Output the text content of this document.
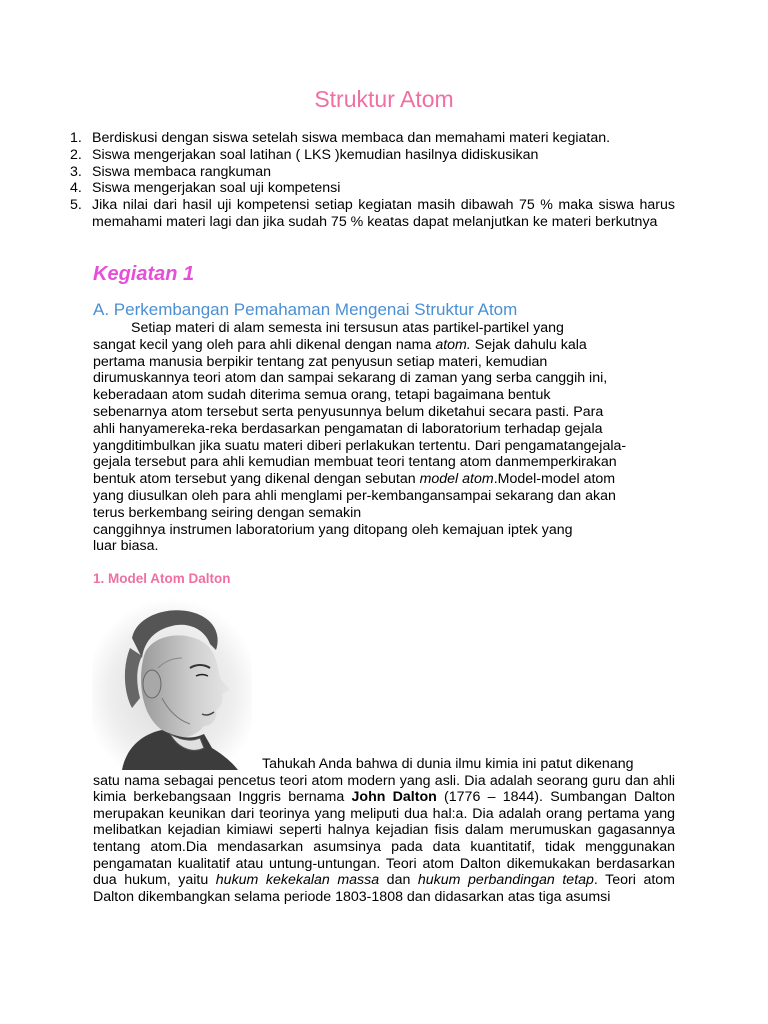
Struktur Atom
1. Berdiskusi dengan siswa setelah siswa membaca dan memahami materi kegiatan.
2. Siswa mengerjakan soal latihan ( LKS )kemudian hasilnya didiskusikan
3. Siswa membaca rangkuman
4. Siswa mengerjakan soal uji kompetensi
5. Jika nilai dari hasil uji kompetensi setiap kegiatan masih dibawah 75 % maka siswa harus memahami materi lagi dan jika sudah 75 % keatas dapat melanjutkan ke materi berkutnya
Kegiatan 1
A. Perkembangan Pemahaman Mengenai Struktur Atom
Setiap materi di alam semesta ini tersusun atas partikel-partikel yang
sangat kecil yang oleh para ahli dikenal dengan nama atom. Sejak dahulu kala
pertama manusia berpikir tentang zat penyusun setiap materi, kemudian
dirumuskannya teori atom dan sampai sekarang di zaman yang serba canggih ini,
keberadaan atom sudah diterima semua orang, tetapi bagaimana bentuk
sebenarnya atom tersebut serta penyusunnya belum diketahui secara pasti. Para
ahli hanyamereka-reka berdasarkan pengamatan di laboratorium terhadap gejala
yangditimbulkan jika suatu materi diberi perlakukan tertentu. Dari pengamatangejala-
gejala tersebut para ahli kemudian membuat teori tentang atom danmemperkirakan
bentuk atom tersebut yang dikenal dengan sebutan model atom.Model-model atom
yang diusulkan oleh para ahli menglami per-kembangansampai sekarang dan akan
terus berkembang seiring dengan semakin
canggihnya instrumen laboratorium yang ditopang oleh kemajuan iptek yang
luar biasa.
1. Model Atom Dalton
Tahukah Anda bahwa di dunia ilmu kimia ini patut dikenang
satu nama sebagai pencetus teori atom modern yang asli. Dia adalah seorang guru dan ahli kimia berkebangsaan Inggris bernama John Dalton (1776 – 1844). Sumbangan Dalton merupakan keunikan dari teorinya yang meliputi dua hal:a. Dia adalah orang pertama yang melibatkan kejadian kimiawi seperti halnya kejadian fisis dalam merumuskan gagasannya tentang atom.Dia mendasarkan asumsinya pada data kuantitatif, tidak menggunakan pengamatan kualitatif atau untung-untungan. Teori atom Dalton dikemukakan berdasarkan dua hukum, yaitu hukum kekekalan massa dan hukum perbandingan tetap. Teori atom Dalton dikembangkan selama periode 1803-1808 dan didasarkan atas tiga asumsi
